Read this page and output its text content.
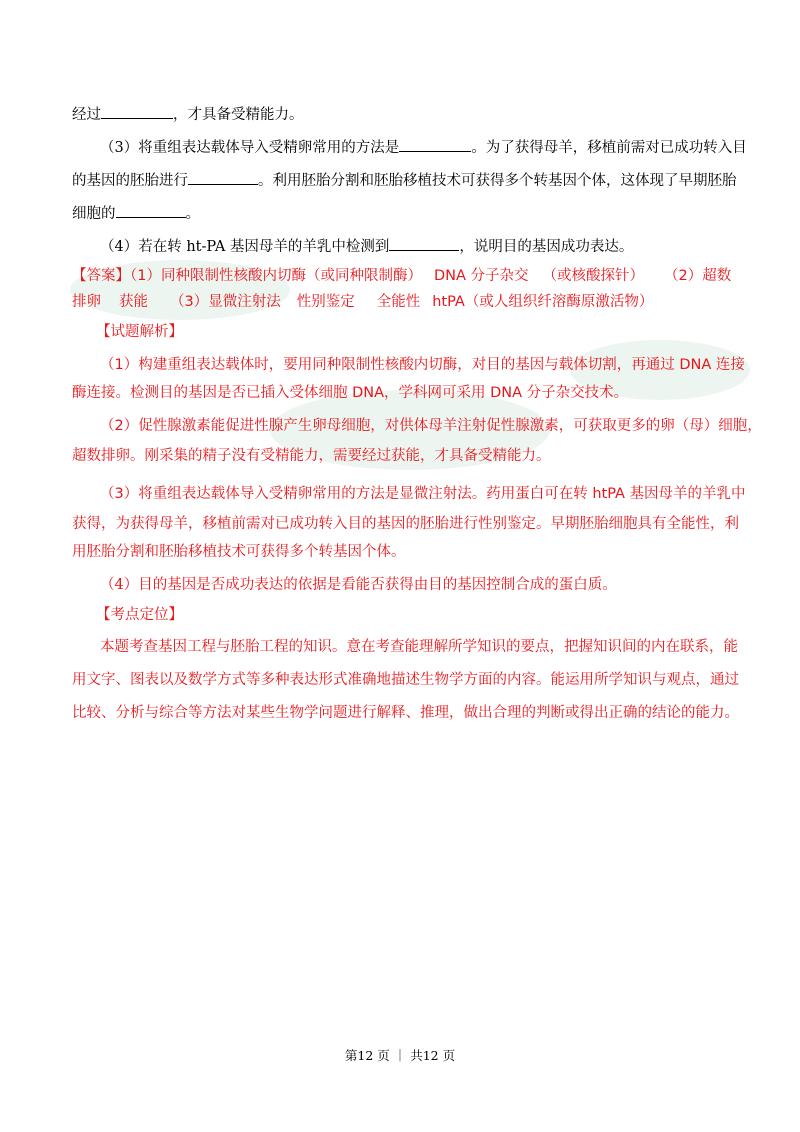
经过	，才具备受精能力。
（3）将重组表达载体导入受精卵常用的方法是	。为了获得母羊，移植前需对已成功转入目
的基因的胚胎进行	。利用胚胎分割和胚胎移植技术可获得多个转基因个体，这体现了早期胚胎
细胞的	。
（4）若在转 ht-PA 基因母羊的羊乳中检测到	，说明目的基因成功表达。
【答案】（1）同种限制性核酸内切酶（或同种限制酶） DNA 分子杂交 （或核酸探针） （2）超数
排卵 获能 （3）显微注射法 性别鉴定 全能性 htPA（或人组织纤溶酶原激活物）
【试题解析】
（1）构建重组表达载体时，要用同种限制性核酸内切酶，对目的基因与载体切割，再通过 DNA 连接
酶连接。检测目的基因是否已插入受体细胞 DNA，学科网可采用 DNA 分子杂交技术。
（2）促性腺激素能促进性腺产生卵母细胞，对供体母羊注射促性腺激素，可获取更多的卵（母）细胞，
超数排卵。刚采集的精子没有受精能力，需要经过获能，才具备受精能力。
（3）将重组表达载体导入受精卵常用的方法是显微注射法。药用蛋白可在转 htPA 基因母羊的羊乳中
获得，为获得母羊，移植前需对已成功转入目的基因的胚胎进行性别鉴定。早期胚胎细胞具有全能性，利
用胚胎分割和胚胎移植技术可获得多个转基因个体。
（4）目的基因是否成功表达的依据是看能否获得由目的基因控制合成的蛋白质。
【考点定位】
本题考查基因工程与胚胎工程的知识。意在考查能理解所学知识的要点，把握知识间的内在联系，能
用文字、图表以及数学方式等多种表达形式准确地描述生物学方面的内容。能运用所学知识与观点，通过
比较、分析与综合等方法对某些生物学问题进行解释、推理，做出合理的判断或得出正确的结论的能力。
第12 页 ｜ 共12 页
